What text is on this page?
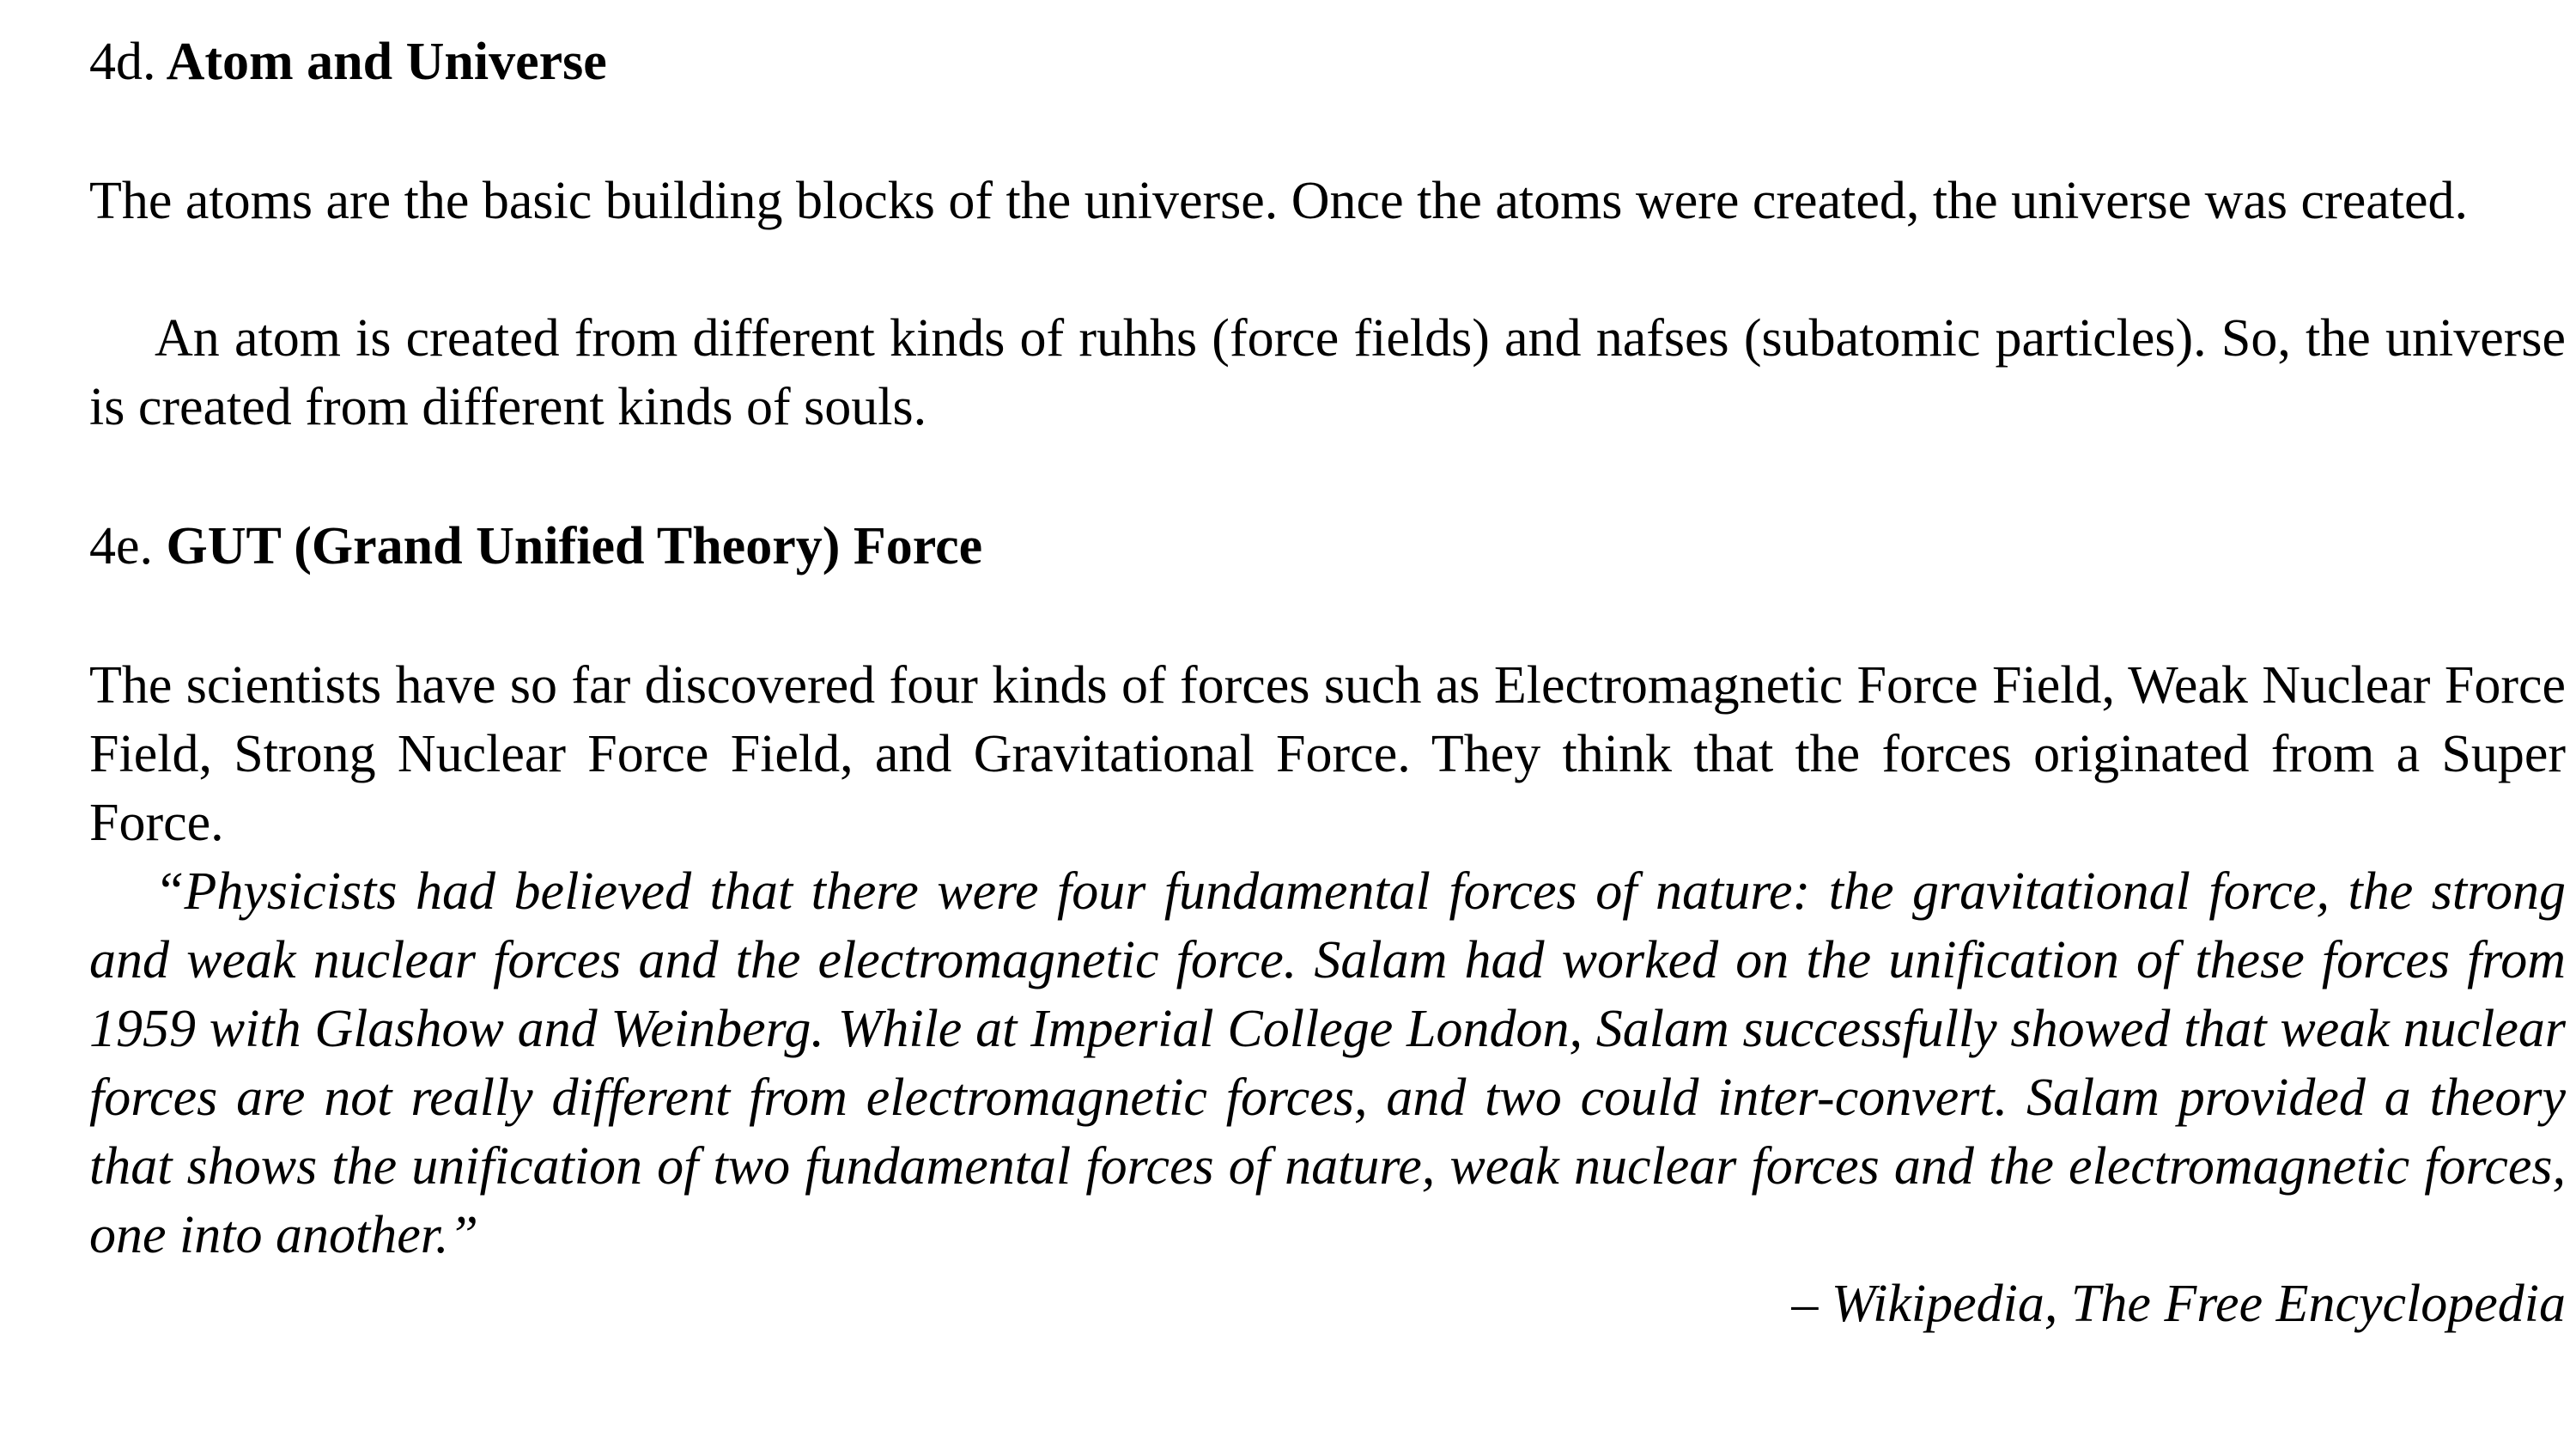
4d. Atom and Universe

The atoms are the basic building blocks of the universe. Once the atoms were created, the universe was created.

An atom is created from different kinds of ruhhs (force fields) and nafses (subatomic particles). So, the universe is created from different kinds of souls.

4e. GUT (Grand Unified Theory) Force

The scientists have so far discovered four kinds of forces such as Electromagnetic Force Field, Weak Nuclear Force Field, Strong Nuclear Force Field, and Gravitational Force. They think that the forces originated from a Super Force.

“Physicists had believed that there were four fundamental forces of nature: the gravitational force, the strong and weak nuclear forces and the electromagnetic force. Salam had worked on the unification of these forces from 1959 with Glashow and Weinberg. While at Imperial College London, Salam successfully showed that weak nuclear forces are not really different from electromagnetic forces, and two could inter-convert. Salam provided a theory that shows the unification of two fundamental forces of nature, weak nuclear forces and the electromagnetic forces, one into another.”

– Wikipedia, The Free Encyclopedia
